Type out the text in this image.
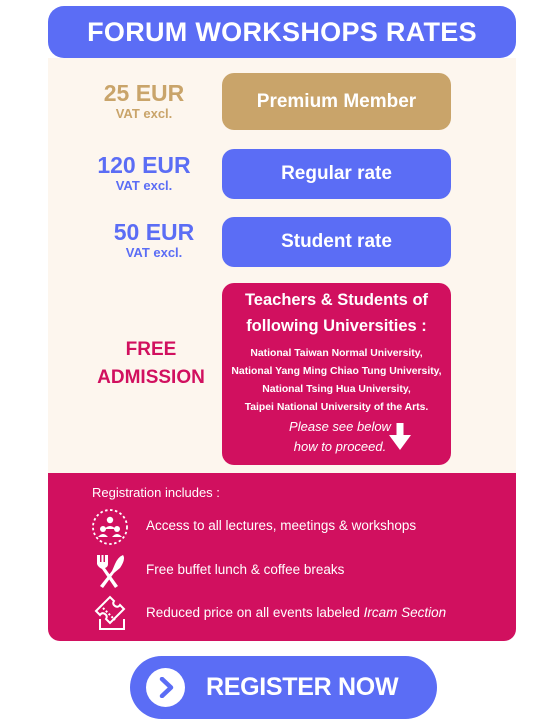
FORUM WORKSHOPS RATES
25 EUR
VAT excl.
Premium Member
120 EUR
VAT excl.
Regular rate
50 EUR
VAT excl.
Student rate
FREE
ADMISSION
Teachers & Students of
following Universities :
National Taiwan Normal University,
National Yang Ming Chiao Tung University,
National Tsing Hua University,
Taipei National University of the Arts.
Please see below
how to proceed.
Registration includes :
Access to all lectures, meetings & workshops
Free buffet lunch & coffee breaks
Reduced price on all events labeled Ircam Section
REGISTER NOW
